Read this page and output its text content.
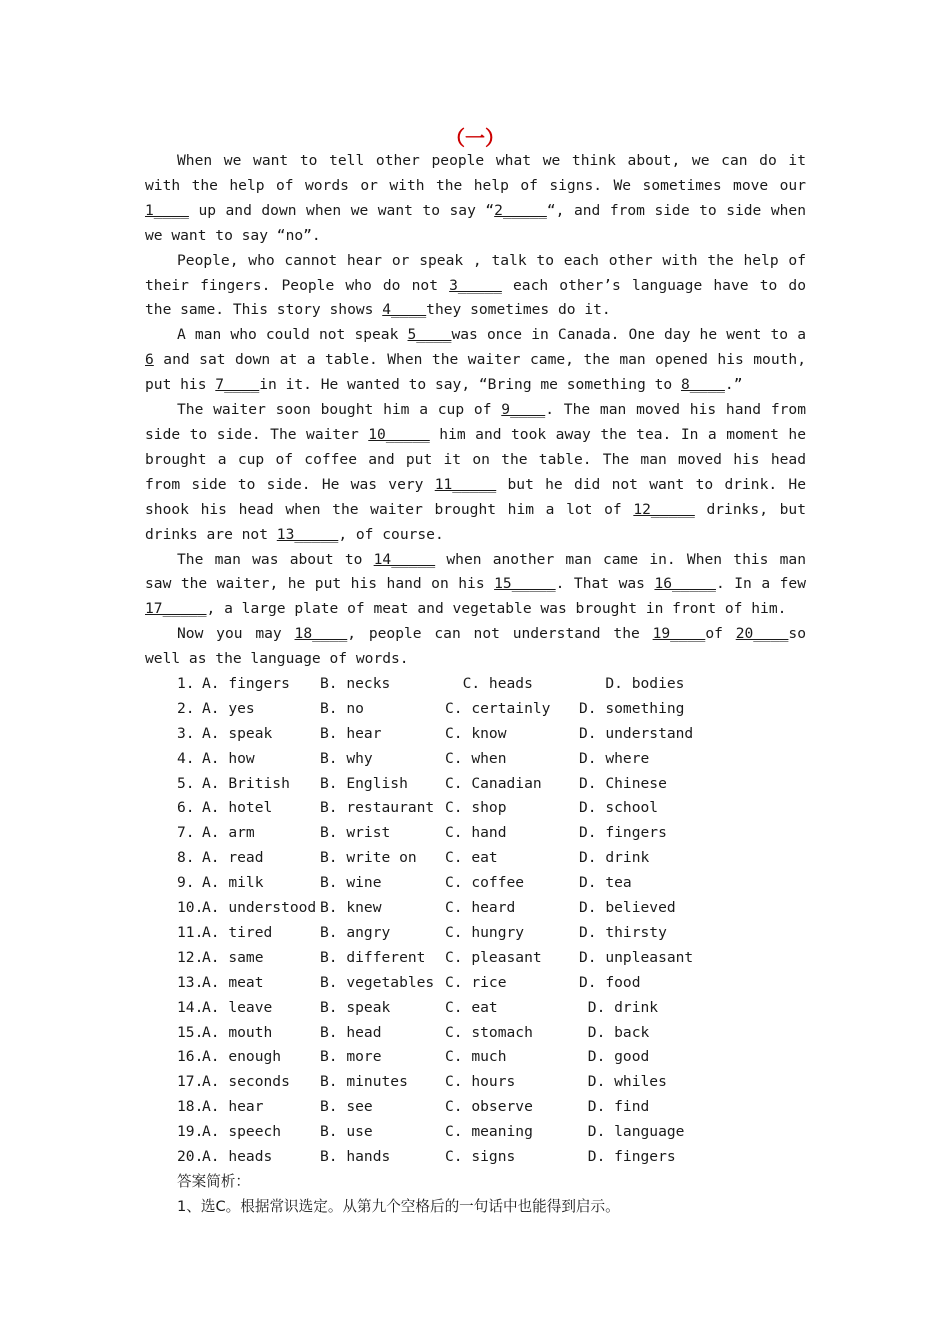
（一）

When we want to tell other people what we think about, we can do it with the help of words or with the help of signs. We sometimes move our 1____ up and down when we want to say “2_____“, and from side to side when we want to say “no”.

People, who cannot hear or speak , talk to each other with the help of their fingers. People who do not 3_____ each other’s language have to do the same. This story shows 4____they sometimes do it.

A man who could not speak 5____was once in Canada. One day he went to a 6 and sat down at a table. When the waiter came, the man opened his mouth, put his 7____in it. He wanted to say, “Bring me something to 8____.”

The waiter soon bought him a cup of 9____. The man moved his hand from side to side. The waiter 10_____ him and took away the tea. In a moment he brought a cup of coffee and put it on the table. The man moved his head from side to side. He was very 11_____ but he did not want to drink. He shook his head when the waiter brought him a lot of 12_____ drinks, but drinks are not 13_____, of course.

The man was about to 14_____ when another man came in. When this man saw the waiter, he put his hand on his 15_____. That was 16_____. In a few 17_____, a large plate of meat and vegetable was brought in front of him.

Now you may 18____, people can not understand the 19____of 20____so well as the language of words.

1.
A. fingers B. necks	C. heads	D. bodies
2.
A. yes	B. no	C. certainly D. something
3.
A. speak	B. hear	C. know	D. understand
4.
A. how	B. why	C. when	D. where
5.
A. British B. English	C. Canadian	D. Chinese
6.
A. hotel	B. restaurant C. shop	D. school
7.
A. arm	B. wrist	C. hand	D. fingers
8.
A. read	B. write on C. eat	D. drink
9.
A. milk	B. wine	C. coffee	D. tea
10.
A. understood B. knew	C. heard	D. believed
11.
A. tired	B. angry	C. hungry	D. thirsty
12.
A. same	B. different C. pleasant	D. unpleasant
13.
A. meat	B. vegetables C. rice	D. food
14.
A. leave	B. speak	C. eat	D. drink
15.
A. mouth	B. head	C. stomach	D. back
16.
A. enough	B. more	C. much	D. good
17.
A. seconds B. minutes	C. hours	D. whiles
18.
A. hear	B. see	C. observe	D. find
19.
A. speech	B. use	C. meaning	D. language
20.
A. heads	B. hands	C. signs	D. fingers

答案简析：

1、选C。根据常识选定。从第九个空格后的一句话中也能得到启示。
